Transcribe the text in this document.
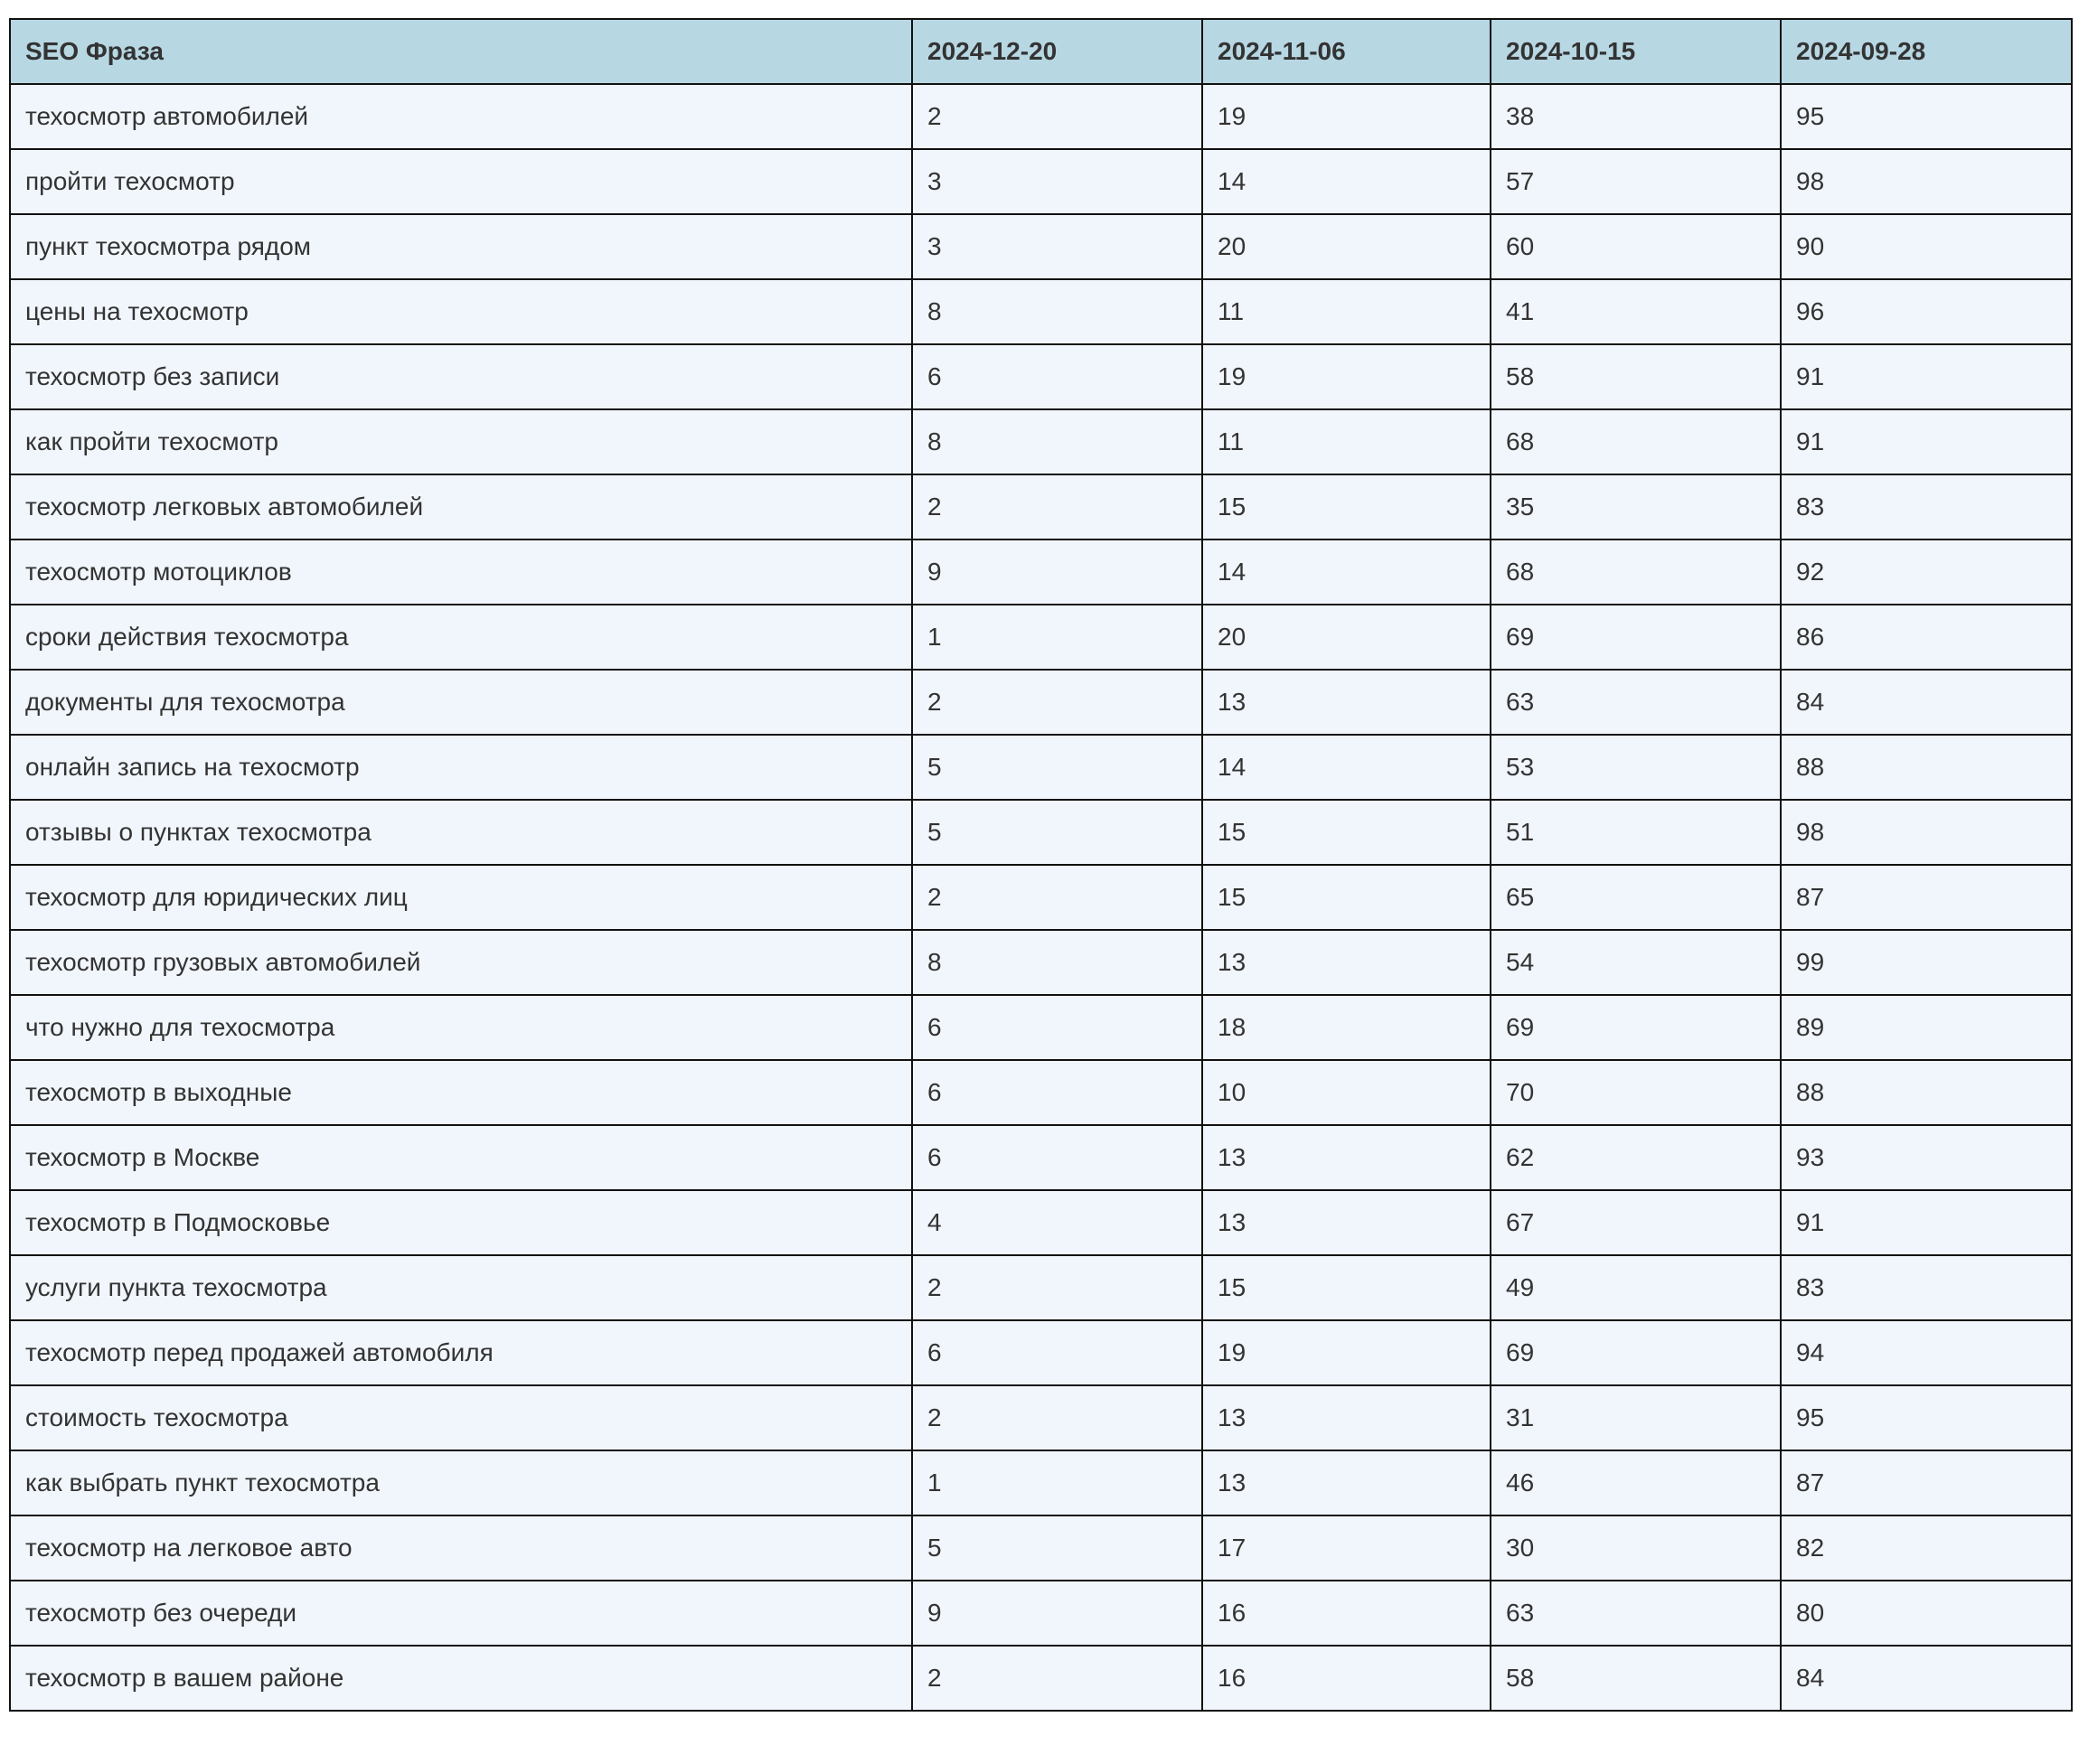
SEO Фраза	2024-12-20	2024-11-06	2024-10-15	2024-09-28
техосмотр автомобилей	2	19	38	95
пройти техосмотр	3	14	57	98
пункт техосмотра рядом	3	20	60	90
цены на техосмотр	8	11	41	96
техосмотр без записи	6	19	58	91
как пройти техосмотр	8	11	68	91
техосмотр легковых автомобилей	2	15	35	83
техосмотр мотоциклов	9	14	68	92
сроки действия техосмотра	1	20	69	86
документы для техосмотра	2	13	63	84
онлайн запись на техосмотр	5	14	53	88
отзывы о пунктах техосмотра	5	15	51	98
техосмотр для юридических лиц	2	15	65	87
техосмотр грузовых автомобилей	8	13	54	99
что нужно для техосмотра	6	18	69	89
техосмотр в выходные	6	10	70	88
техосмотр в Москве	6	13	62	93
техосмотр в Подмосковье	4	13	67	91
услуги пункта техосмотра	2	15	49	83
техосмотр перед продажей автомобиля	6	19	69	94
стоимость техосмотра	2	13	31	95
как выбрать пункт техосмотра	1	13	46	87
техосмотр на легковое авто	5	17	30	82
техосмотр без очереди	9	16	63	80
техосмотр в вашем районе	2	16	58	84
